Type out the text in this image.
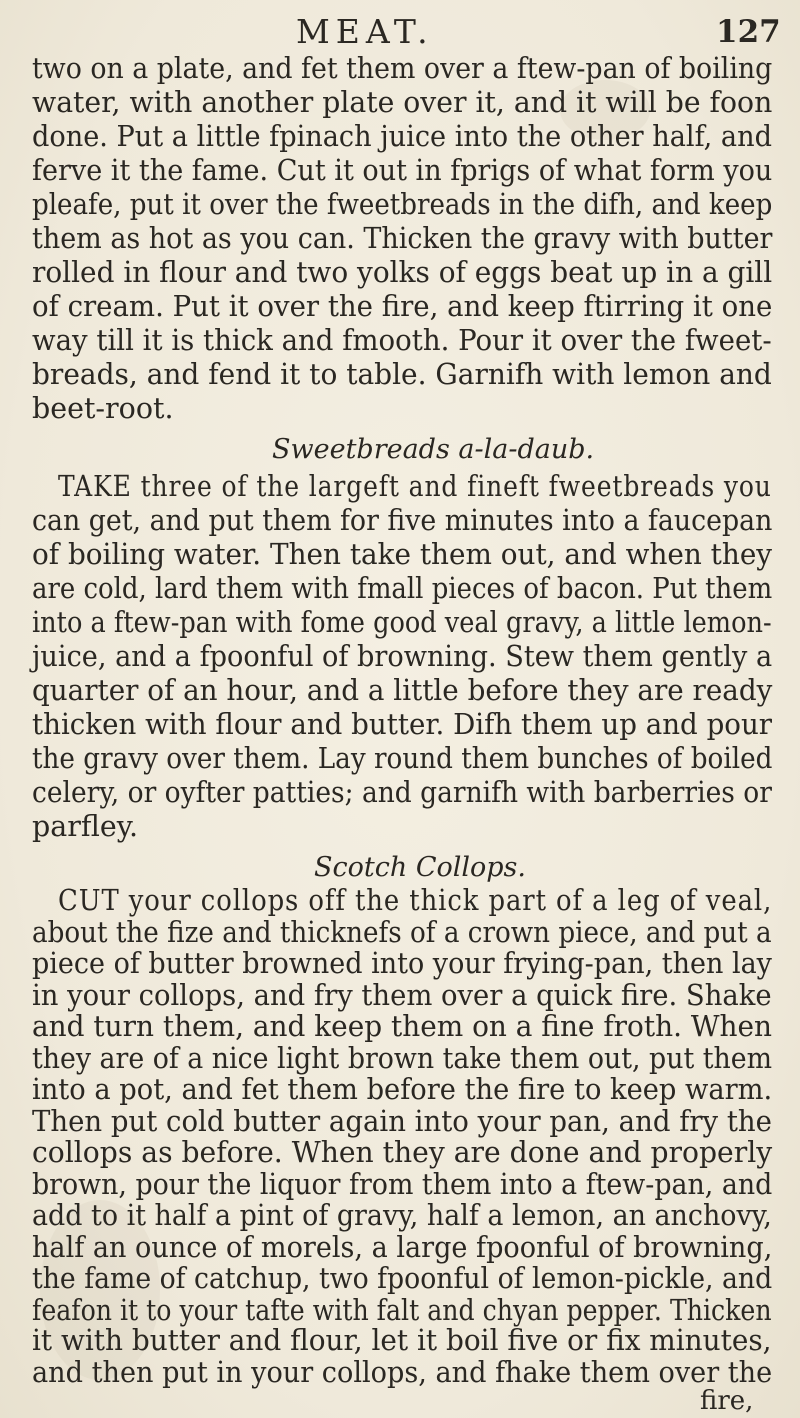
MEAT.	127
two on a plate, and fet them over a ftew-pan of boiling
water, with another plate over it, and it will be foon
done. Put a little fpinach juice into the other half, and
ferve it the fame. Cut it out in fprigs of what form you
pleafe, put it over the fweetbreads in the difh, and keep
them as hot as you can. Thicken the gravy with butter
rolled in flour and two yolks of eggs beat up in a gill
of cream. Put it over the fire, and keep ftirring it one
way till it is thick and fmooth. Pour it over the fweet-
breads, and fend it to table. Garnifh with lemon and
beet-root.
Sweetbreads a-la-daub.
TAKE three of the largeft and fineft fweetbreads you
can get, and put them for five minutes into a faucepan
of boiling water. Then take them out, and when they
are cold, lard them with fmall pieces of bacon. Put them
into a ftew-pan with fome good veal gravy, a little lemon-
juice, and a fpoonful of browning. Stew them gently a
quarter of an hour, and a little before they are ready
thicken with flour and butter. Difh them up and pour
the gravy over them. Lay round them bunches of boiled
celery, or oyfter patties; and garnifh with barberries or
parfley.
Scotch Collops.
CUT your collops off the thick part of a leg of veal,
about the fize and thicknefs of a crown piece, and put a
piece of butter browned into your frying-pan, then lay
in your collops, and fry them over a quick fire. Shake
and turn them, and keep them on a fine froth. When
they are of a nice light brown take them out, put them
into a pot, and fet them before the fire to keep warm.
Then put cold butter again into your pan, and fry the
collops as before. When they are done and properly
brown, pour the liquor from them into a ftew-pan, and
add to it half a pint of gravy, half a lemon, an anchovy,
half an ounce of morels, a large fpoonful of browning,
the fame of catchup, two fpoonful of lemon-pickle, and
feafon it to your tafte with falt and chyan pepper. Thicken
it with butter and flour, let it boil five or fix minutes,
and then put in your collops, and fhake them over the
fire,
